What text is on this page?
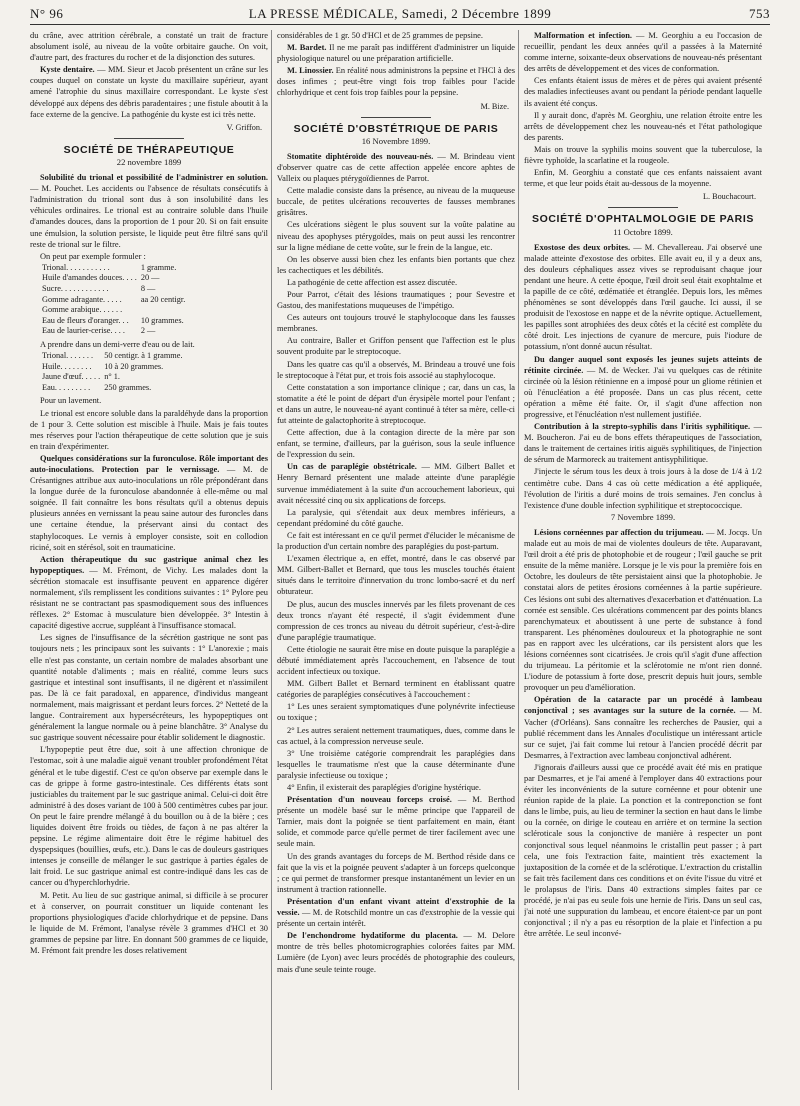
N° 96	LA PRESSE MÉDICALE, Samedi, 2 Décembre 1899	753

du crâne, avec attrition cérébrale, a constaté un trait de fracture absolument isolé, au niveau de la voûte orbitaire gauche. On voit, d'autre part, des fractures du rocher et de la disjonction des sutures.

Kyste dentaire. — MM. Sieur et Jacob présentent un crâne sur les coupes duquel on constate un kyste du maxillaire supérieur, ayant amené l'atrophie du sinus maxillaire correspondant. Le kyste s'est développé aux dépens des débris paradentaires ; une fistule aboutit à la face externe de la gencive. La pathogénie du kyste est ici très nette.

V. Griffon.
SOCIÉTÉ DE THÉRAPEUTIQUE
22 novembre 1899

Solubilité du trional et possibilité de l'administrer en solution. — M. Pouchet. Les accidents ou l'absence de résultats consécutifs à l'administration du trional sont dus à son insolubilité dans les véhicules ordinaires. Le trional est au contraire soluble dans l'huile d'amandes douces, dans la proportion de 1 pour 20. Si on fait ensuite une émulsion, la solution persiste, le liquide peut être filtré sans qu'il reste de trional sur le filtre.

On peut par exemple formuler :

Trional. . . . . . . . . . .	1 gramme.
Huile d'amandes douces. . . .	20 —
Sucre. . . . . . . . . . . .	8 —
Gomme adragante. . . . .	aa 20 centigr.
Gomme arabique. . . . . .	
Eau de fleurs d'oranger. . .	10 grammes.
Eau de laurier-cerise. . . .	2 —

A prendre dans un demi-verre d'eau ou de lait.

Trional. . . . . . .	50 centigr. à 1 gramme.
Huile. . . . . . . .	10 à 20 grammes.
Jaune d'œuf. . . . .	n° 1.
Eau. . . . . . . . .	250 grammes.

Pour un lavement.

Le trional est encore soluble dans la paraldéhyde dans la proportion de 1 pour 3. Cette solution est miscible à l'huile. Mais je fais toutes mes réserves pour l'action thérapeutique de cette solution que je suis en train d'expérimenter.

Quelques considérations sur la furonculose. Rôle important des auto-inoculations. Protection par le vernissage. — M. de Crésantignes attribue aux auto-inoculations un rôle prépondérant dans la longue durée de la furonculose abandonnée à elle-même ou mal soignée. Il fait connaître les bons résultats qu'il a obtenus depuis plusieurs années en vernissant la peau saine autour des furoncles dans une certaine étendue, la préservant ainsi du contact des staphylocoques. Le vernis à employer consiste, soit en collodion riciné, soit en stérésol, soit en traumaticine.

Action thérapeutique du suc gastrique animal chez les hypopeptiques. — M. Frémont, de Vichy. Les malades dont la sécrétion stomacale est insuffisante peuvent en apparence digérer normalement, s'ils remplissent les conditions suivantes : 1° Pylore peu résistant ne se contractant pas spasmodiquement sous des influences réflexes. 2° Estomac à musculature bien développée. 3° Intestin à capacité digestive accrue, suppléant à l'insuffisance stomacal.

Les signes de l'insuffisance de la sécrétion gastrique ne sont pas toujours nets ; les principaux sont les suivants : 1° L'anorexie ; mais elle n'est pas constante, un certain nombre de malades absorbant une quantité notable d'aliments ; mais en réalité, comme leurs sucs gastrique et intestinal sont insuffisants, il ne digèrent et n'assimilent pas. De là ce fait paradoxal, en apparence, d'individus mangeant normalement, mais maigrissant et perdant leurs forces. 2° Netteté de la langue. Contrairement aux hypersécréteurs, les hypopeptiques ont généralement la langue normale ou à peine blanchâtre. 3° Analyse du suc gastrique souvent nécessaire pour établir solidement le diagnostic.

L'hypopeptie peut être due, soit à une affection chronique de l'estomac, soit à une maladie aiguë venant troubler profondément l'état général et le tube digestif. C'est ce qu'on observe par exemple dans le cas de grippe à forme gastro-intestinale. Ces différents états sont justiciables du traitement par le suc gastrique animal. Celui-ci doit être administré à des doses variant de 100 à 500 centimètres cubes par jour. On peut le faire prendre mélangé à du bouillon ou à de la bière ; ces liquides doivent être froids ou tièdes, de façon à ne pas altérer la pepsine. Le régime alimentaire doit être le régime habituel des dyspepsiques (bouillies, œufs, etc.). Dans le cas de douleurs gastriques intenses je conseille de mélanger le suc gastrique à parties égales de lait froid. Le suc gastrique animal est contre-indiqué dans les cas de cancer ou d'hyperchlorhydrie.

M. Petit. Au lieu de suc gastrique animal, si difficile à se procurer et à conserver, on pourrait constituer un liquide contenant les proportions physiologiques d'acide chlorhydrique et de pepsine. Dans le liquide de M. Frémont, l'analyse révèle 3 grammes d'HCl et 30 grammes de pepsine par litre. En donnant 500 grammes de ce liquide, M. Frémont fait prendre les doses relativement

considérables de 1 gr. 50 d'HCl et de 25 grammes de pepsine.

M. Bardet. Il ne me paraît pas indifférent d'administrer un liquide physiologique naturel ou une préparation artificielle.

M. Linossier. En réalité nous administrons la pepsine et l'HCl à des doses infimes ; peut-être vingt fois trop faibles pour l'acide chlorhydrique et cent fois trop faibles pour la pepsine.

M. Bize.
SOCIÉTÉ D'OBSTÉTRIQUE DE PARIS
16 Novembre 1899.

Stomatite diphtéroïde des nouveau-nés. — M. Brindeau vient d'observer quatre cas de cette affection appelée encore aphtes de Valleix ou plaques ptérygoïdiennes de Parrot.

Cette maladie consiste dans la présence, au niveau de la muqueuse buccale, de petites ulcérations recouvertes de fausses membranes grisâtres.

Ces ulcérations siègent le plus souvent sur la voûte palatine au niveau des apophyses ptérygoïdes, mais on peut aussi les rencontrer sur la ligne médiane de cette voûte, sur le frein de la langue, etc.

On les observe aussi bien chez les enfants bien portants que chez les cachectiques et les débilités.

La pathogénie de cette affection est assez discutée.

Pour Parrot, c'était des lésions traumatiques ; pour Sevestre et Gastou, des manifestations muqueuses de l'impétigo.

Ces auteurs ont toujours trouvé le staphylocoque dans les fausses membranes.

Au contraire, Baller et Griffon pensent que l'affection est le plus souvent produite par le streptocoque.

Dans les quatre cas qu'il a observés, M. Brindeau a trouvé une fois le streptocoque à l'état pur, et trois fois associé au staphylocoque.

Cette constatation a son importance clinique ; car, dans un cas, la stomatite a été le point de départ d'un érysipèle mortel pour l'enfant ; et dans un autre, le nouveau-né ayant continué à téter sa mère, celle-ci fut atteinte de galactophorite à streptocoque.

Cette affection, due à la contagion directe de la mère par son enfant, se termine, d'ailleurs, par la guérison, sous la seule influence de l'expression du sein.

Un cas de paraplégie obstétricale. — MM. Gilbert Ballet et Henry Bernard présentent une malade atteinte d'une paraplégie survenue immédiatement à la suite d'un accouchement laborieux, qui avait nécessité cinq ou six applications de forceps.

La paralysie, qui s'étendait aux deux membres inférieurs, a cependant prédominé du côté gauche.

Ce fait est intéressant en ce qu'il permet d'élucider le mécanisme de la production d'un certain nombre des paraplégies du post-partum.

L'examen électrique a, en effet, montré, dans le cas observé par MM. Gilbert-Ballet et Bernard, que tous les muscles touchés étaient situés dans le territoire d'innervation du tronc lombo-sacré et du nerf obturateur.

De plus, aucun des muscles innervés par les filets provenant de ces deux troncs n'ayant été respecté, il s'agit évidemment d'une compression de ces troncs au niveau du détroit supérieur, c'est-à-dire d'une paraplégie traumatique.

Cette étiologie ne saurait être mise en doute puisque la paraplégie a débuté immédiatement après l'accouchement, en l'absence de tout accident infectieux ou toxique.

MM. Gilbert Ballet et Bernard terminent en établissant quatre catégories de paraplégies consécutives à l'accouchement :

1° Les unes seraient symptomatiques d'une polynévrite infectieuse ou toxique ;

2° Les autres seraient nettement traumatiques, dues, comme dans le cas actuel, à la compression nerveuse seule.

3° Une troisième catégorie comprendrait les paraplégies dans lesquelles le traumatisme n'est que la cause déterminante d'une paralysie infectieuse ou toxique ;

4° Enfin, il existerait des paraplégies d'origine hystérique.

Présentation d'un nouveau forceps croisé. — M. Berthod présente un modèle basé sur le même principe que l'appareil de Tarnier, mais dont la poignée se tient parfaitement en main, étant solide, et commode parce qu'elle permet de tirer facilement avec une seule main.

Un des grands avantages du forceps de M. Berthod réside dans ce fait que la vis et la poignée peuvent s'adapter à un forceps quelconque ; ce qui permet de transformer presque instantanément un levier en un instrument à traction rationnelle.

Présentation d'un enfant vivant atteint d'exstrophie de la vessie. — M. de Rotschild montre un cas d'exstrophie de la vessie qui présente un certain intérêt.

De l'enchondrome hydatiforme du placenta. — M. Delore montre de très belles photomicrographies colorées faites par MM. Lumière (de Lyon) avec leurs procédés de photographie des couleurs, mais d'une seule teinte rouge.

Malformation et infection. — M. Georghiu a eu l'occasion de recueillir, pendant les deux années qu'il a passées à la Maternité comme interne, soixante-deux observations de nouveau-nés présentant des arrêts de développement et des vices de conformation.

Ces enfants étaient issus de mères et de pères qui avaient présenté des maladies infectieuses avant ou pendant la période pendant laquelle ils avaient été conçus.

Il y aurait donc, d'après M. Georghiu, une relation étroite entre les arrêts de développement chez les nouveau-nés et l'état pathologique des parents.

Mais on trouve la syphilis moins souvent que la tuberculose, la fièvre typhoïde, la scarlatine et la rougeole.

Enfin, M. Georghiu a constaté que ces enfants naissaient avant terme, et que leur poids était au-dessous de la moyenne.

L. Bouchacourt.
SOCIÉTÉ D'OPHTALMOLOGIE DE PARIS
11 Octobre 1899.

Exostose des deux orbites. — M. Chevallereau. J'ai observé une malade atteinte d'exostose des orbites. Elle avait eu, il y a deux ans, des douleurs céphaliques assez vives se reproduisant chaque jour pendant une heure. A cette époque, l'œil droit seul était exophtalme et la papille de ce côté, œdématiée et étranglée. Depuis lors, les mêmes phénomènes se sont développés dans l'œil gauche. Ici aussi, il se produisit de l'exostose en nappe et de la névrite optique. Actuellement, les papilles sont atrophiées des deux côtés et la cécité est complète du côté droit. Les injections de cyanure de mercure, puis l'iodure de potassium, n'ont donné aucun résultat.

Du danger auquel sont exposés les jeunes sujets atteints de rétinite circinée. — M. de Wecker. J'ai vu quelques cas de rétinite circinée où la lésion rétinienne en a imposé pour un gliome rétinien et où l'énucléation a été proposée. Dans un cas plus récent, cette opération a même été faite. Or, il s'agit d'une affection non progressive, et l'énucléation n'est nullement justifiée.

Contribution à la strepto-syphilis dans l'iritis syphilitique. — M. Boucheron. J'ai eu de bons effets thérapeutiques de l'association, dans le traitement de certaines iritis aiguës syphilitiques, de l'injection de sérum de Marmoreck au traitement antisyphilitique.

J'injecte le sérum tous les deux à trois jours à la dose de 1/4 à 1/2 centimètre cube. Dans 4 cas où cette médication a été appliquée, l'évolution de l'iritis a duré moins de trois semaines. J'en conclus à l'existence d'une double infection syphilitique et streptococcique.

7 Novembre 1899.

Lésions cornéennes par affection du trijumeau. — M. Jocqs. Un malade eut au mois de mai de violentes douleurs de tête. Auparavant, l'œil droit a été pris de photophobie et de rougeur ; l'œil gauche se prit ensuite de la même manière. Lorsque je le vis pour la première fois en Octobre, les douleurs de tête persistaient ainsi que la photophobie. Je constatai alors de petites érosions cornéennes à la partie supérieure. Ces lésions ont subi des alternatives d'exacerbation et d'atténuation. La cornée est sensible. Ces ulcérations commencent par des points blancs parenchymateux et aboutissent à une perte de substance à fond transparent. Les phénomènes douloureux et la photographie ne sont pas en rapport avec les ulcérations, car ils persistent alors que les lésions cornéennes sont cicatrisées. Je crois qu'il s'agit d'une affection du trijumeau. La péritomie et la sclérotomie ne m'ont rien donné. L'iodure de potassium à forte dose, prescrit depuis huit jours, semble provoquer un peu d'amélioration.

Opération de la cataracte par un procédé à lambeau conjonctival ; ses avantages sur la suture de la cornée. — M. Vacher (d'Orléans). Sans connaître les recherches de Pausier, qui a publié récemment dans les Annales d'oculistique un intéressant article sur ce sujet, j'ai fait comme lui retour à l'ancien procédé décrit par Desmarres, à l'extraction avec lambeau conjonctival adhérent.

J'ignorais d'ailleurs aussi que ce procédé avait été mis en pratique par Desmarres, et je l'ai amené à l'employer dans 40 extractions pour éviter les inconvénients de la suture cornéenne et pour obtenir une réunion rapide de la plaie. La ponction et la contreponction se font dans le limbe, puis, au lieu de terminer la section en haut dans le limbe ou la cornée, on dirige le couteau en arrière et on termine la section scléroticale sous la conjonctive de manière à respecter un pont conjonctival sous lequel néanmoins le cristallin peut passer ; à part cela, une fois l'extraction faite, maintient très exactement la juxtaposition de la cornée et de la sclérotique. L'extraction du cristallin se fait très facilement dans ces conditions et on évite l'issue du vitré et le prolapsus de l'iris. Dans 40 extractions simples faites par ce procédé, je n'ai pas eu seule fois une hernie de l'iris. Dans un seul cas, j'ai noté une suppuration du lambeau, et encore étaient-ce par un pont conjonctival ; il n'y a pas eu résorption de la plaie et l'infection a pu être arrêtée. Le seul inconvé-
